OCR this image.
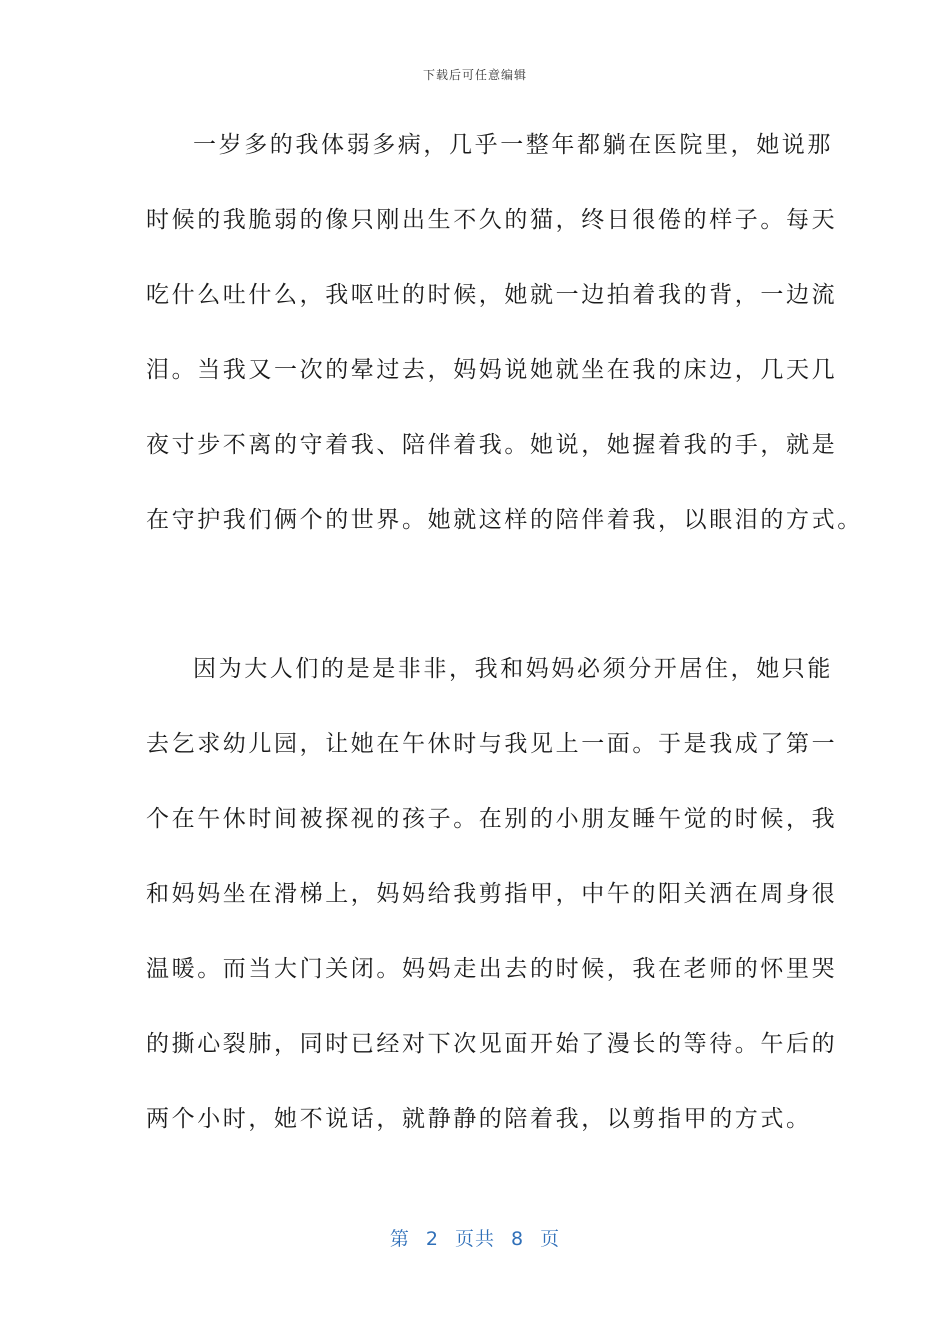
下载后可任意编辑
一岁多的我体弱多病，几乎一整年都躺在医院里，她说那
时候的我脆弱的像只刚出生不久的猫，终日很倦的样子。每天
吃什么吐什么，我呕吐的时候，她就一边拍着我的背，一边流
泪。当我又一次的晕过去，妈妈说她就坐在我的床边，几天几
夜寸步不离的守着我、陪伴着我。她说，她握着我的手，就是
在守护我们俩个的世界。她就这样的陪伴着我，以眼泪的方式。
因为大人们的是是非非，我和妈妈必须分开居住，她只能
去乞求幼儿园，让她在午休时与我见上一面。于是我成了第一
个在午休时间被探视的孩子。在别的小朋友睡午觉的时候，我
和妈妈坐在滑梯上，妈妈给我剪指甲，中午的阳关洒在周身很
温暖。而当大门关闭。妈妈走出去的时候，我在老师的怀里哭
的撕心裂肺，同时已经对下次见面开始了漫长的等待。午后的
两个小时，她不说话，就静静的陪着我，以剪指甲的方式。
第 2 页共 8 页
